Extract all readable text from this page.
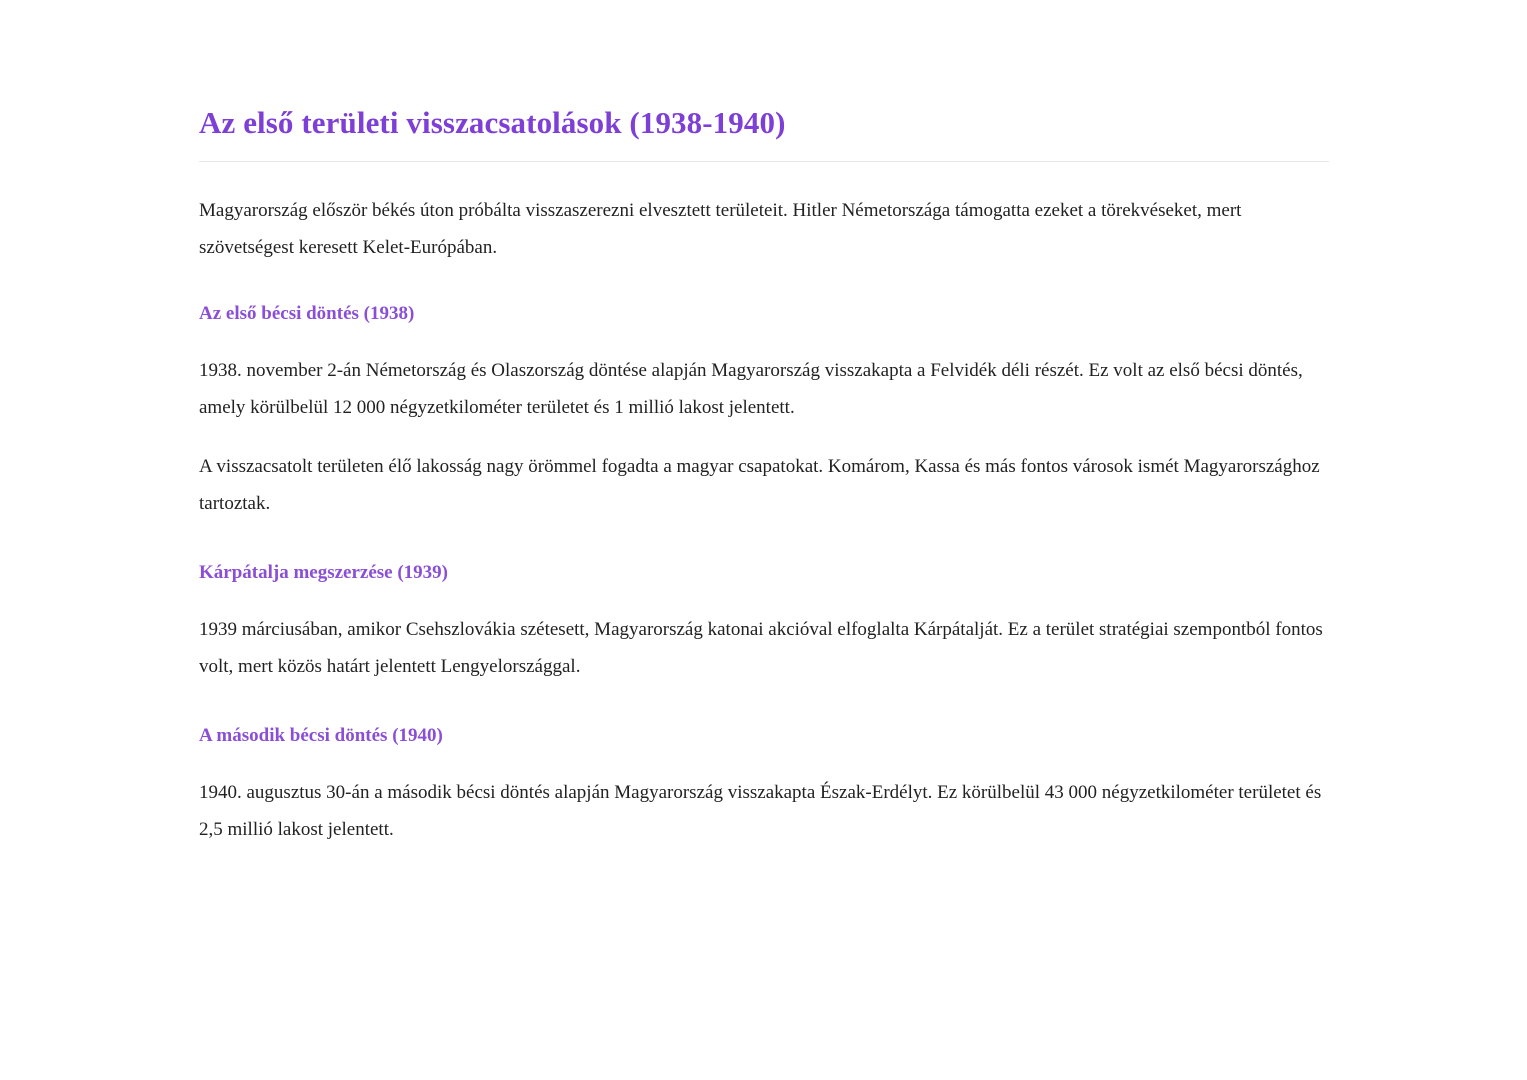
Az első területi visszacsatolások (1938-1940)

Magyarország először békés úton próbálta visszaszerezni elvesztett területeit. Hitler Németországa támogatta ezeket a törekvéseket, mert szövetségest keresett Kelet-Európában.

Az első bécsi döntés (1938)

1938. november 2-án Németország és Olaszország döntése alapján Magyarország visszakapta a Felvidék déli részét. Ez volt az első bécsi döntés, amely körülbelül 12 000 négyzetkilométer területet és 1 millió lakost jelentett.

A visszacsatolt területen élő lakosság nagy örömmel fogadta a magyar csapatokat. Komárom, Kassa és más fontos városok ismét Magyarországhoz tartoztak.

Kárpátalja megszerzése (1939)

1939 márciusában, amikor Csehszlovákia szétesett, Magyarország katonai akcióval elfoglalta Kárpátalját. Ez a terület stratégiai szempontból fontos volt, mert közös határt jelentett Lengyelországgal.

A második bécsi döntés (1940)

1940. augusztus 30-án a második bécsi döntés alapján Magyarország visszakapta Észak-Erdélyt. Ez körülbelül 43 000 négyzetkilométer területet és 2,5 millió lakost jelentett.
